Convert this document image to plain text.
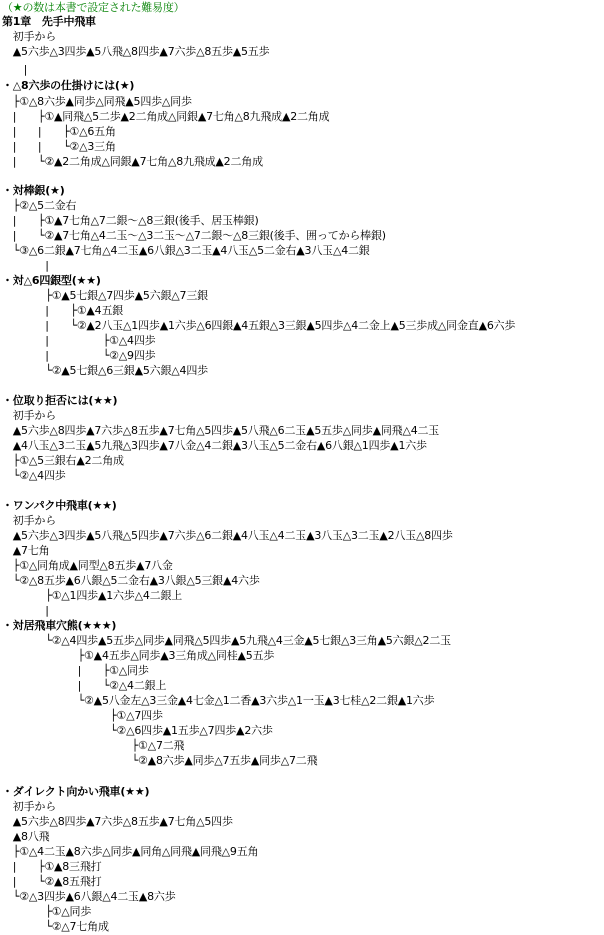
（★の数は本書で設定された難易度）
第1章　先手中飛車
　初手から
　▲5六歩△3四歩▲5八飛△8四歩▲7六歩△8五歩▲5五歩
　　|
・△8六歩の仕掛けには(★)
　├①△8六歩▲同歩△同飛▲5四歩△同歩
　|　　├①▲同飛△5二歩▲2二角成△同銀▲7七角△8九飛成▲2二角成
　|　　|　　├①△6五角
　|　　|　　└②△3三角
　|　　└②▲2二角成△同銀▲7七角△8九飛成▲2二角成
・対棒銀(★)
　├②△5二金右
　|　　├①▲7七角△7二銀～△8三銀(後手、居玉棒銀)
　|　　└②▲7七角△4二玉～△3二玉～△7二銀～△8三銀(後手、囲ってから棒銀)
　└③△6二銀▲7七角△4二玉▲6八銀△3二玉▲4八玉△5二金右▲3八玉△4二銀
　　　　|
・対△6四銀型(★★)
　　　　├①▲5七銀△7四歩▲5六銀△7三銀
　　　　|　　├①▲4五銀
　　　　|　　└②▲2八玉△1四歩▲1六歩△6四銀▲4五銀△3三銀▲5四歩△4二金上▲5三歩成△同金直▲6六歩
　　　　|　　　　　├①△4四歩
　　　　|　　　　　└②△9四歩
　　　　└②▲5七銀△6三銀▲5六銀△4四歩
・位取り拒否には(★★)
　初手から
　▲5六歩△8四歩▲7六歩△8五歩▲7七角△5四歩▲5八飛△6二玉▲5五歩△同歩▲同飛△4二玉
　▲4八玉△3二玉▲5九飛△3四歩▲7八金△4二銀▲3八玉△5二金右▲6八銀△1四歩▲1六歩
　├①△5三銀右▲2二角成
　└②△4四歩
・ワンパク中飛車(★★)
　初手から
　▲5六歩△3四歩▲5八飛△5四歩▲7六歩△6二銀▲4八玉△4二玉▲3八玉△3二玉▲2八玉△8四歩
　▲7七角
　├①△同角成▲同型△8五歩▲7八金
　└②△8五歩▲6八銀△5二金右▲3八銀△5三銀▲4六歩
　　　　├①△1四歩▲1六歩△4二銀上
　　　　|
・対居飛車穴熊(★★★)
　　　　└②△4四歩▲5五歩△同歩▲同飛△5四歩▲5九飛△4三金▲5七銀△3三角▲5六銀△2二玉
　　　　　　　├①▲4五歩△同歩▲3三角成△同桂▲5五歩
　　　　　　　|　　├①△同歩
　　　　　　　|　　└②△4二銀上
　　　　　　　└②▲5八金左△3三金▲4七金△1二香▲3六歩△1一玉▲3七桂△2二銀▲1六歩
　　　　　　　　　　├①△7四歩
　　　　　　　　　　└②△6四歩▲1五歩△7四歩▲2六歩
　　　　　　　　　　　　├①△7二飛
　　　　　　　　　　　　└②▲8六歩▲同歩△7五歩▲同歩△7二飛
・ダイレクト向かい飛車(★★)
　初手から
　▲5六歩△8四歩▲7六歩△8五歩▲7七角△5四歩
　▲8八飛
　├①△4二玉▲8六歩△同歩▲同角△同飛▲同飛△9五角
　|　　├①▲8三飛打
　|　　└②▲8五飛打
　└②△3四歩▲6八銀△4二玉▲8六歩
　　　　├①△同歩
　　　　└②△7七角成
